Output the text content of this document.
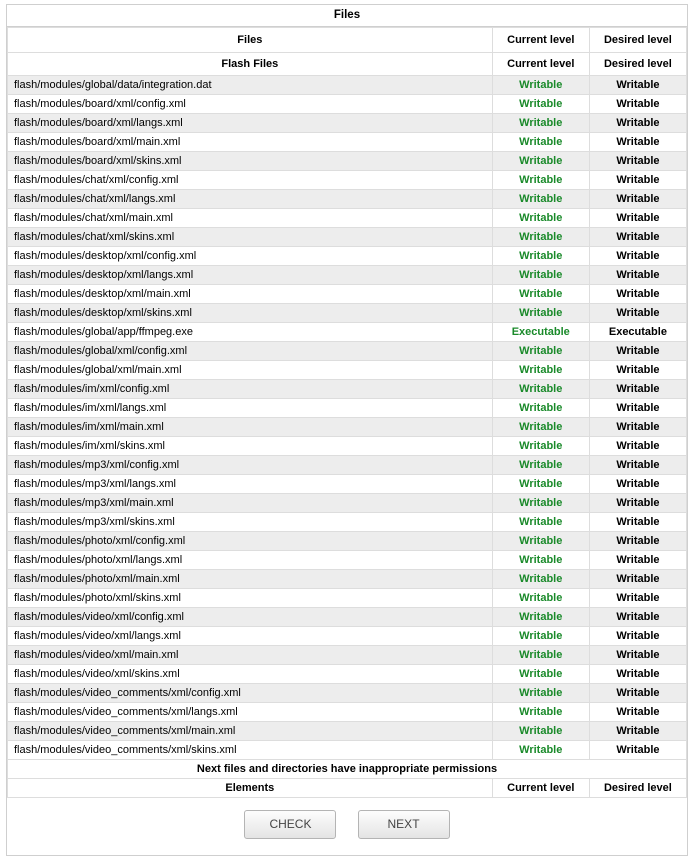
Files
Files	Current level	Desired level
Flash Files	Current level	Desired level
flash/modules/global/data/integration.dat	Writable	Writable
flash/modules/board/xml/config.xml	Writable	Writable
flash/modules/board/xml/langs.xml	Writable	Writable
flash/modules/board/xml/main.xml	Writable	Writable
flash/modules/board/xml/skins.xml	Writable	Writable
flash/modules/chat/xml/config.xml	Writable	Writable
flash/modules/chat/xml/langs.xml	Writable	Writable
flash/modules/chat/xml/main.xml	Writable	Writable
flash/modules/chat/xml/skins.xml	Writable	Writable
flash/modules/desktop/xml/config.xml	Writable	Writable
flash/modules/desktop/xml/langs.xml	Writable	Writable
flash/modules/desktop/xml/main.xml	Writable	Writable
flash/modules/desktop/xml/skins.xml	Writable	Writable
flash/modules/global/app/ffmpeg.exe	Executable	Executable
flash/modules/global/xml/config.xml	Writable	Writable
flash/modules/global/xml/main.xml	Writable	Writable
flash/modules/im/xml/config.xml	Writable	Writable
flash/modules/im/xml/langs.xml	Writable	Writable
flash/modules/im/xml/main.xml	Writable	Writable
flash/modules/im/xml/skins.xml	Writable	Writable
flash/modules/mp3/xml/config.xml	Writable	Writable
flash/modules/mp3/xml/langs.xml	Writable	Writable
flash/modules/mp3/xml/main.xml	Writable	Writable
flash/modules/mp3/xml/skins.xml	Writable	Writable
flash/modules/photo/xml/config.xml	Writable	Writable
flash/modules/photo/xml/langs.xml	Writable	Writable
flash/modules/photo/xml/main.xml	Writable	Writable
flash/modules/photo/xml/skins.xml	Writable	Writable
flash/modules/video/xml/config.xml	Writable	Writable
flash/modules/video/xml/langs.xml	Writable	Writable
flash/modules/video/xml/main.xml	Writable	Writable
flash/modules/video/xml/skins.xml	Writable	Writable
flash/modules/video_comments/xml/config.xml	Writable	Writable
flash/modules/video_comments/xml/langs.xml	Writable	Writable
flash/modules/video_comments/xml/main.xml	Writable	Writable
flash/modules/video_comments/xml/skins.xml	Writable	Writable
Next files and directories have inappropriate permissions		
Elements	Current level	Desired level
CHECK	NEXT
